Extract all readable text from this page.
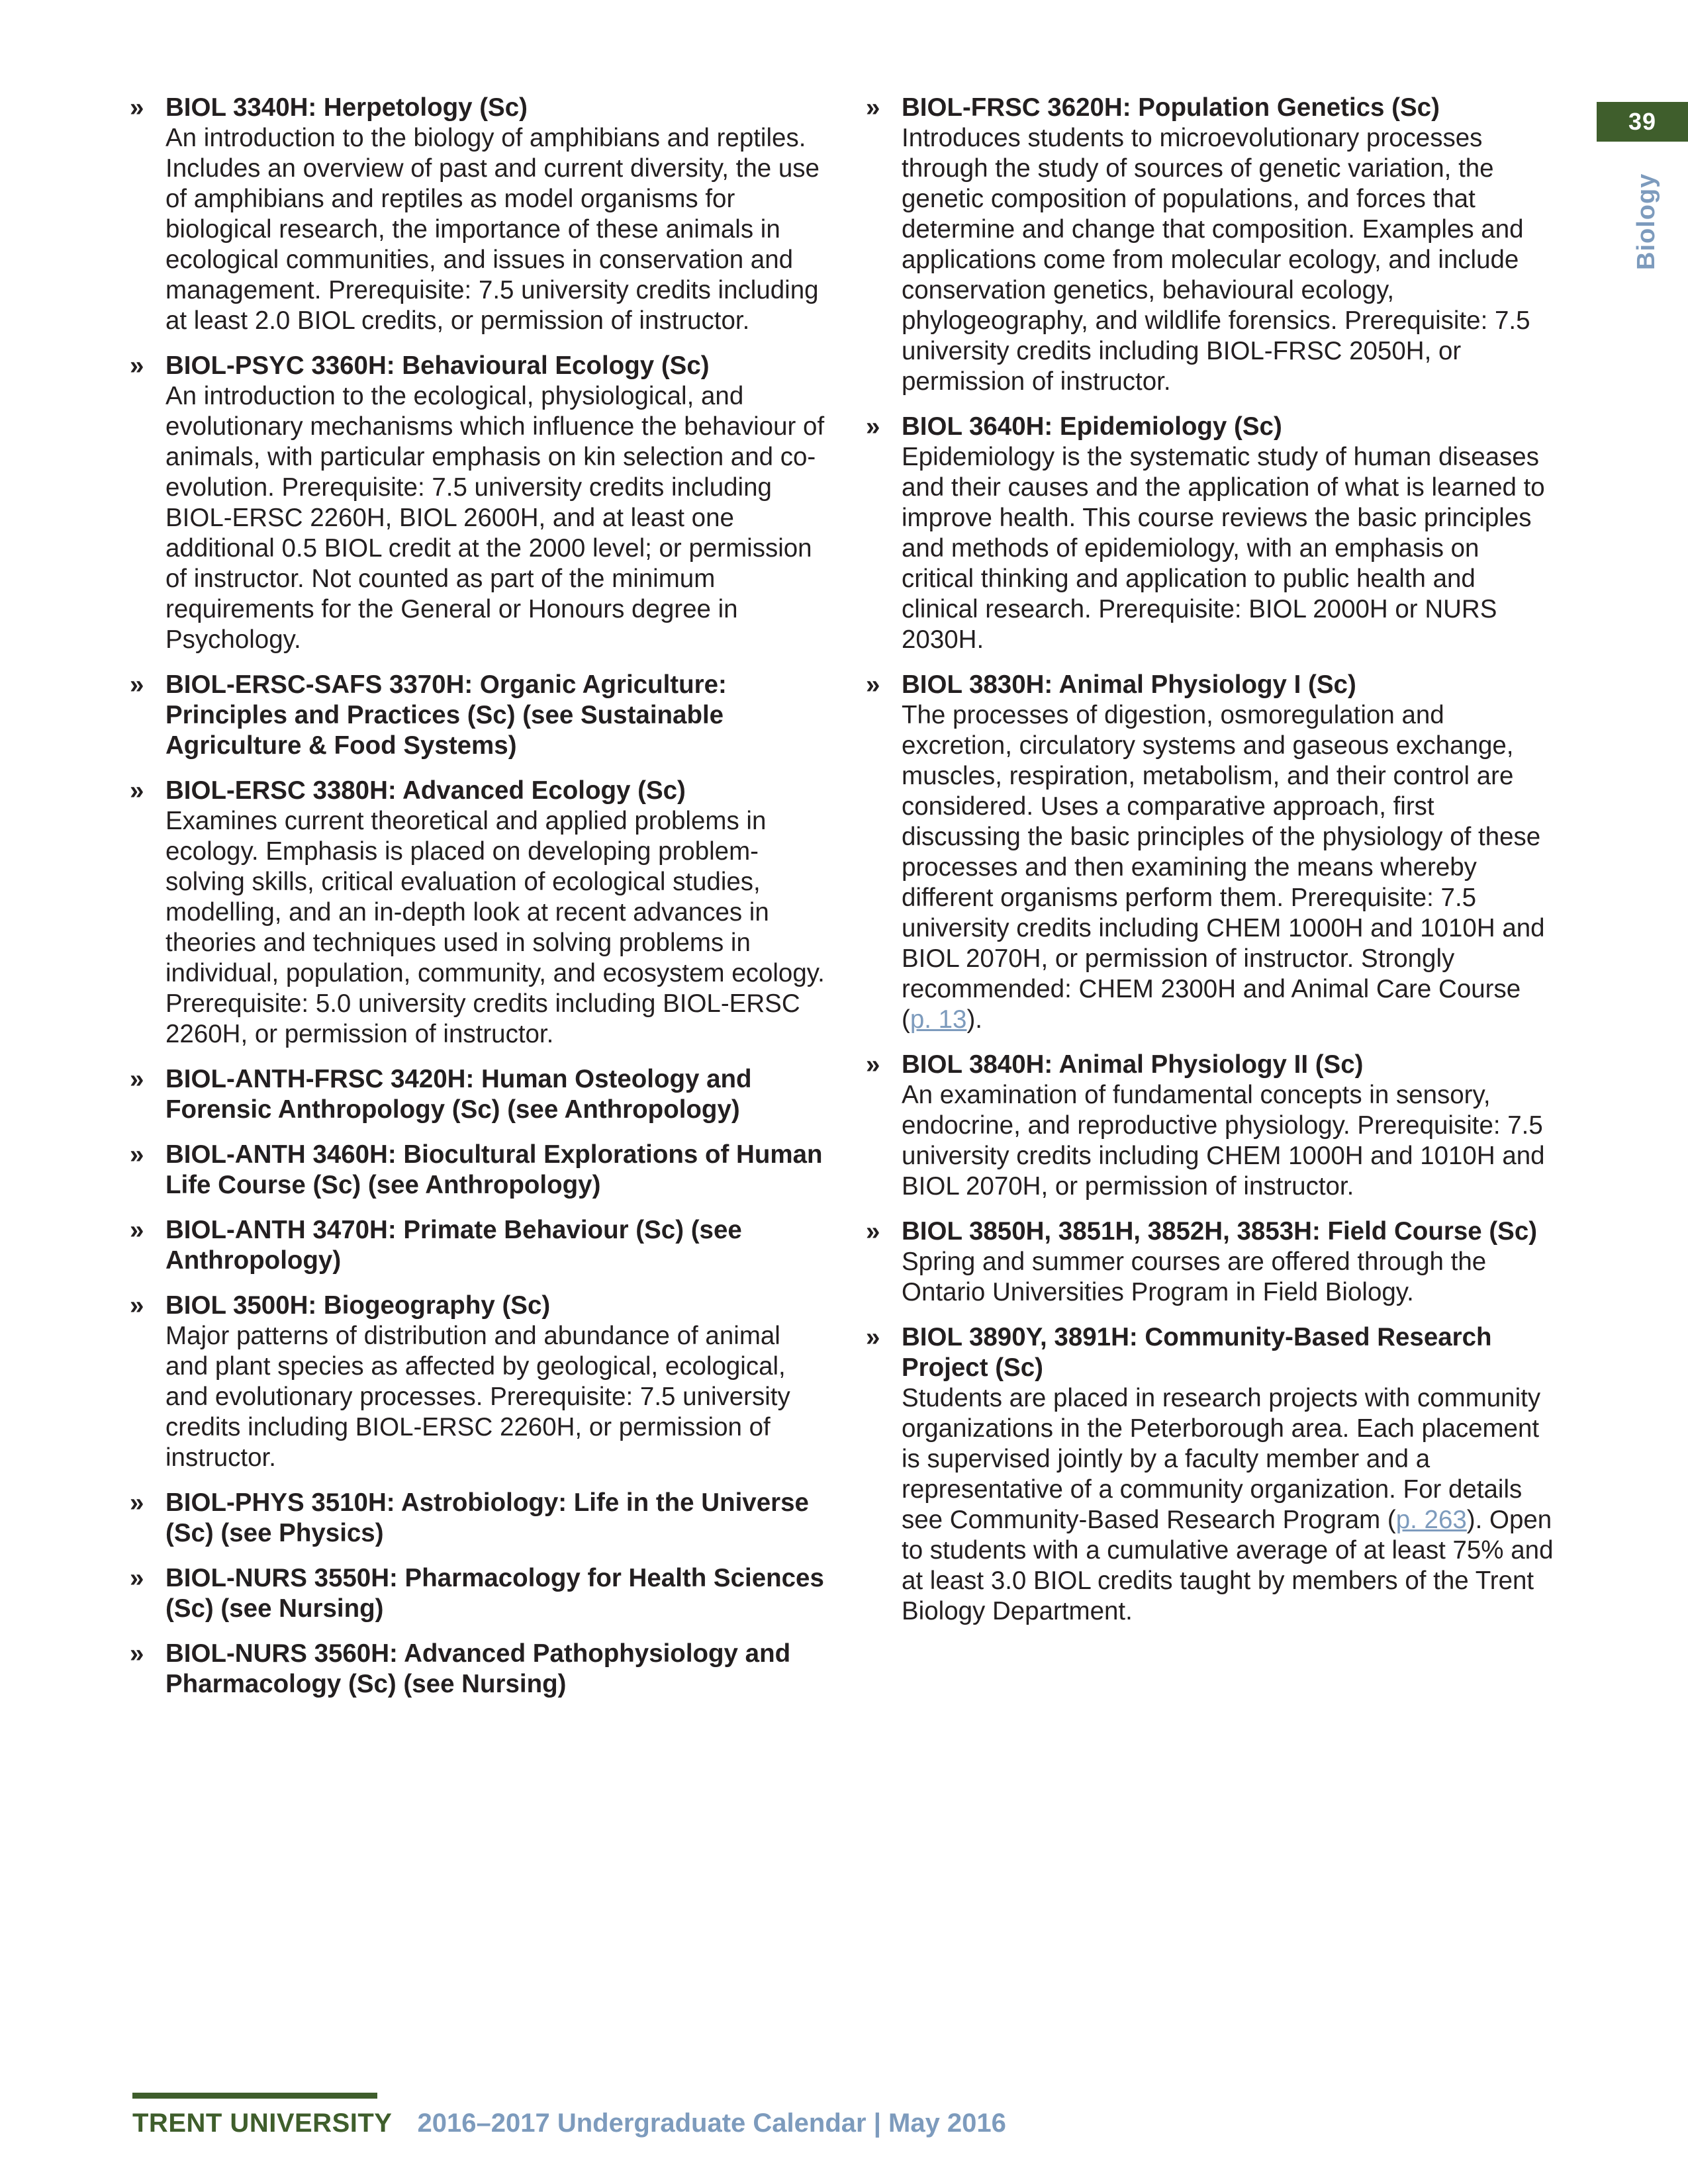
39
Biology
» BIOL 3340H: Herpetology (Sc)
An introduction to the biology of amphibians and reptiles. Includes an overview of past and current diversity, the use of amphibians and reptiles as model organisms for biological research, the importance of these animals in ecological communities, and issues in conservation and management. Prerequisite: 7.5 university credits including at least 2.0 BIOL credits, or permission of instructor.
» BIOL-PSYC 3360H: Behavioural Ecology (Sc)
An introduction to the ecological, physiological, and evolutionary mechanisms which influence the behaviour of animals, with particular emphasis on kin selection and co-evolution. Prerequisite: 7.5 university credits including BIOL-ERSC 2260H, BIOL 2600H, and at least one additional 0.5 BIOL credit at the 2000 level; or permission of instructor. Not counted as part of the minimum requirements for the General or Honours degree in Psychology.
» BIOL-ERSC-SAFS 3370H: Organic Agriculture: Principles and Practices (Sc) (see Sustainable Agriculture & Food Systems)
» BIOL-ERSC 3380H: Advanced Ecology (Sc)
Examines current theoretical and applied problems in ecology. Emphasis is placed on developing problem-solving skills, critical evaluation of ecological studies, modelling, and an in-depth look at recent advances in theories and techniques used in solving problems in individual, population, community, and ecosystem ecology. Prerequisite: 5.0 university credits including BIOL-ERSC 2260H, or permission of instructor.
» BIOL-ANTH-FRSC 3420H: Human Osteology and Forensic Anthropology (Sc) (see Anthropology)
» BIOL-ANTH 3460H: Biocultural Explorations of Human Life Course (Sc) (see Anthropology)
» BIOL-ANTH 3470H: Primate Behaviour (Sc) (see Anthropology)
» BIOL 3500H: Biogeography (Sc)
Major patterns of distribution and abundance of animal and plant species as affected by geological, ecological, and evolutionary processes. Prerequisite: 7.5 university credits including BIOL-ERSC 2260H, or permission of instructor.
» BIOL-PHYS 3510H: Astrobiology: Life in the Universe (Sc) (see Physics)
» BIOL-NURS 3550H: Pharmacology for Health Sciences (Sc) (see Nursing)
» BIOL-NURS 3560H: Advanced Pathophysiology and Pharmacology (Sc) (see Nursing)
» BIOL-FRSC 3620H: Population Genetics (Sc)
Introduces students to microevolutionary processes through the study of sources of genetic variation, the genetic composition of populations, and forces that determine and change that composition. Examples and applications come from molecular ecology, and include conservation genetics, behavioural ecology, phylogeography, and wildlife forensics. Prerequisite: 7.5 university credits including BIOL-FRSC 2050H, or permission of instructor.
» BIOL 3640H: Epidemiology (Sc)
Epidemiology is the systematic study of human diseases and their causes and the application of what is learned to improve health. This course reviews the basic principles and methods of epidemiology, with an emphasis on critical thinking and application to public health and clinical research. Prerequisite: BIOL 2000H or NURS 2030H.
» BIOL 3830H: Animal Physiology I (Sc)
The processes of digestion, osmoregulation and excretion, circulatory systems and gaseous exchange, muscles, respiration, metabolism, and their control are considered. Uses a comparative approach, first discussing the basic principles of the physiology of these processes and then examining the means whereby different organisms perform them. Prerequisite: 7.5 university credits including CHEM 1000H and 1010H and BIOL 2070H, or permission of instructor. Strongly recommended: CHEM 2300H and Animal Care Course (p. 13).
» BIOL 3840H: Animal Physiology II (Sc)
An examination of fundamental concepts in sensory, endocrine, and reproductive physiology. Prerequisite: 7.5 university credits including CHEM 1000H and 1010H and BIOL 2070H, or permission of instructor.
» BIOL 3850H, 3851H, 3852H, 3853H: Field Course (Sc)
Spring and summer courses are offered through the Ontario Universities Program in Field Biology.
» BIOL 3890Y, 3891H: Community-Based Research Project (Sc)
Students are placed in research projects with community organizations in the Peterborough area. Each placement is supervised jointly by a faculty member and a representative of a community organization. For details see Community-Based Research Program (p. 263). Open to students with a cumulative average of at least 75% and at least 3.0 BIOL credits taught by members of the Trent Biology Department.
TRENT UNIVERSITY 2016–2017 Undergraduate Calendar | May 2016
